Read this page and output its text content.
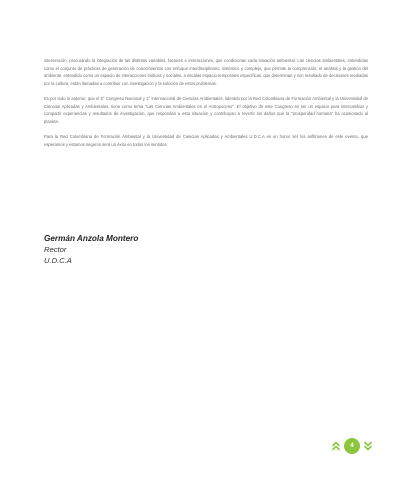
intervención, procurando la integración de las distintas variables, factores e interacciones, que condicionan cada situación ambiental. Las ciencias ambientales, entendidas como el conjunto de prácticas de generación de conocimientos con enfoque interdisciplinario, sistémico y complejo, que permite la comprensión, el análisis y la gestión del ambiente, entendido como un espacio de interacciones bióticas y sociales, a escalas espacio-temporales específicas, que determinan y son resultado de decisiones mediadas por la cultura, están llamadas a contribuir con investigación y la solución de estos problemas.

Es por todo lo anterior, que el 5° Congreso Nacional y 1° Internacional de Ciencias Ambientales, liderado por la Red Colombiana de Formación Ambiental y la Universidad de Ciencias Aplicadas y Ambientales, tiene como tema "Las Ciencias Ambientales en el Antropoceno". El objetivo de este Congreso es ser un espacio para intercambiar y compartir experiencias y resultados de investigación, que respondan a esta situación y contribuyan a revertir los daños que la "prosperidad humana" ha ocasionado al planeta.

Para la Red Colombiana de Formación Ambiental y la Universidad de Ciencias Aplicadas y Ambientales U.D.C.A es un honor ser los anfitriones de este evento, que esperamos y estamos seguros será un éxito en todos los sentidos.

Germán Anzola Montero

Rector

U.D.C.A

4
